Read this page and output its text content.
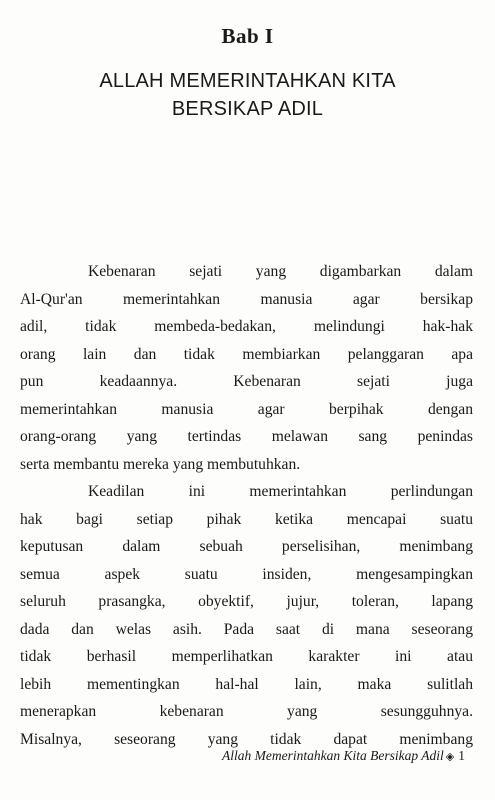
Bab I
ALLAH MEMERINTAHKAN KITA
BERSIKAP ADIL
Kebenaran sejati yang digambarkan dalam
Al-Qur'an memerintahkan manusia agar bersikap
adil, tidak membeda-bedakan, melindungi hak-hak
orang lain dan tidak membiarkan pelanggaran apa
pun keadaannya. Kebenaran sejati juga
memerintahkan manusia agar berpihak dengan
orang-orang yang tertindas melawan sang penindas
serta membantu mereka yang membutuhkan.
Keadilan ini memerintahkan perlindungan
hak bagi setiap pihak ketika mencapai suatu
keputusan dalam sebuah perselisihan, menimbang
semua aspek suatu insiden, mengesampingkan
seluruh prasangka, obyektif, jujur, toleran, lapang
dada dan welas asih. Pada saat di mana seseorang
tidak berhasil memperlihatkan karakter ini atau
lebih mementingkan hal-hal lain, maka sulitlah
menerapkan kebenaran yang sesungguhnya.
Misalnya, seseorang yang tidak dapat menimbang
Allah Memerintahkan Kita Bersikap Adil ◈ 1
